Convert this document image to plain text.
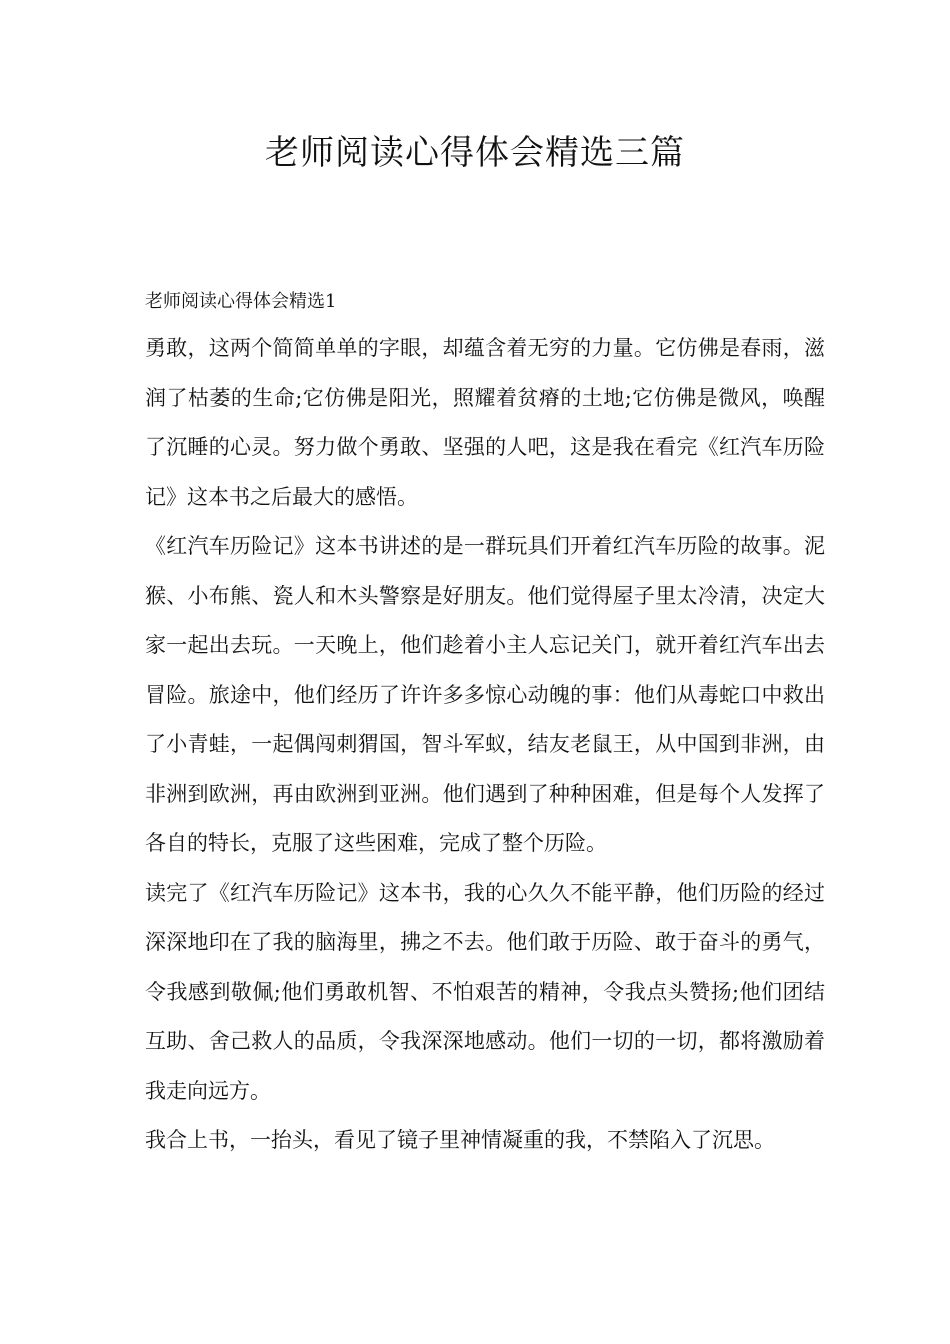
老师阅读心得体会精选三篇
老师阅读心得体会精选1

勇敢，这两个简简单单的字眼，却蕴含着无穷的力量。它仿佛是春雨，滋润了枯萎的生命;它仿佛是阳光，照耀着贫瘠的土地;它仿佛是微风，唤醒了沉睡的心灵。努力做个勇敢、坚强的人吧，这是我在看完《红汽车历险记》这本书之后最大的感悟。

《红汽车历险记》这本书讲述的是一群玩具们开着红汽车历险的故事。泥猴、小布熊、瓷人和木头警察是好朋友。他们觉得屋子里太冷清，决定大家一起出去玩。一天晚上，他们趁着小主人忘记关门，就开着红汽车出去冒险。旅途中，他们经历了许许多多惊心动魄的事：他们从毒蛇口中救出了小青蛙，一起偶闯刺猬国，智斗军蚁，结友老鼠王，从中国到非洲，由非洲到欧洲，再由欧洲到亚洲。他们遇到了种种困难，但是每个人发挥了各自的特长，克服了这些困难，完成了整个历险。

读完了《红汽车历险记》这本书，我的心久久不能平静，他们历险的经过深深地印在了我的脑海里，拂之不去。他们敢于历险、敢于奋斗的勇气，令我感到敬佩;他们勇敢机智、不怕艰苦的精神，令我点头赞扬;他们团结互助、舍己救人的品质，令我深深地感动。他们一切的一切，都将激励着我走向远方。

我合上书，一抬头，看见了镜子里神情凝重的我，不禁陷入了沉思。
